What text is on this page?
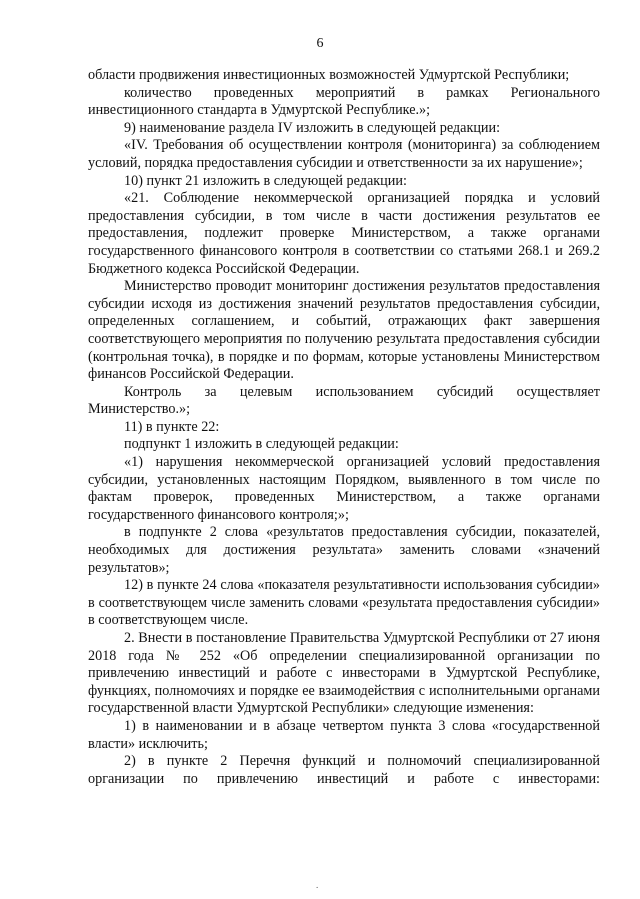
6

области продвижения инвестиционных возможностей Удмуртской Республики;

количество проведенных мероприятий в рамках Регионального инвестиционного стандарта в Удмуртской Республике.»;

9) наименование раздела IV изложить в следующей редакции:

«IV. Требования об осуществлении контроля (мониторинга) за соблюдением условий, порядка предоставления субсидии и ответственности за их нарушение»;

10) пункт 21 изложить в следующей редакции:

«21. Соблюдение некоммерческой организацией порядка и условий предоставления субсидии, в том числе в части достижения результатов ее предоставления, подлежит проверке Министерством, а также органами государственного финансового контроля в соответствии со статьями 268.1 и 269.2 Бюджетного кодекса Российской Федерации.

Министерство проводит мониторинг достижения результатов предоставления субсидии исходя из достижения значений результатов предоставления субсидии, определенных соглашением, и событий, отражающих факт завершения соответствующего мероприятия по получению результата предоставления субсидии (контрольная точка), в порядке и по формам, которые установлены Министерством финансов Российской Федерации.

Контроль за целевым использованием субсидий осуществляет Министерство.»;

11) в пункте 22:

подпункт 1 изложить в следующей редакции:

«1) нарушения некоммерческой организацией условий предоставления субсидии, установленных настоящим Порядком, выявленного в том числе по фактам проверок, проведенных Министерством, а также органами государственного финансового контроля;»;

в подпункте 2 слова «результатов предоставления субсидии, показателей, необходимых для достижения результата» заменить словами «значений результатов»;

12) в пункте 24 слова «показателя результативности использования субсидии» в соответствующем числе заменить словами «результата предоставления субсидии» в соответствующем числе.

2. Внести в постановление Правительства Удмуртской Республики от 27 июня 2018 года № 252 «Об определении специализированной организации по привлечению инвестиций и работе с инвесторами в Удмуртской Республике, функциях, полномочиях и порядке ее взаимодействия с исполнительными органами государственной власти Удмуртской Республики» следующие изменения:

1) в наименовании и в абзаце четвертом пункта 3 слова «государственной власти» исключить;

2) в пункте 2 Перечня функций и полномочий специализированной организации по привлечению инвестиций и работе с инвесторами:

.
